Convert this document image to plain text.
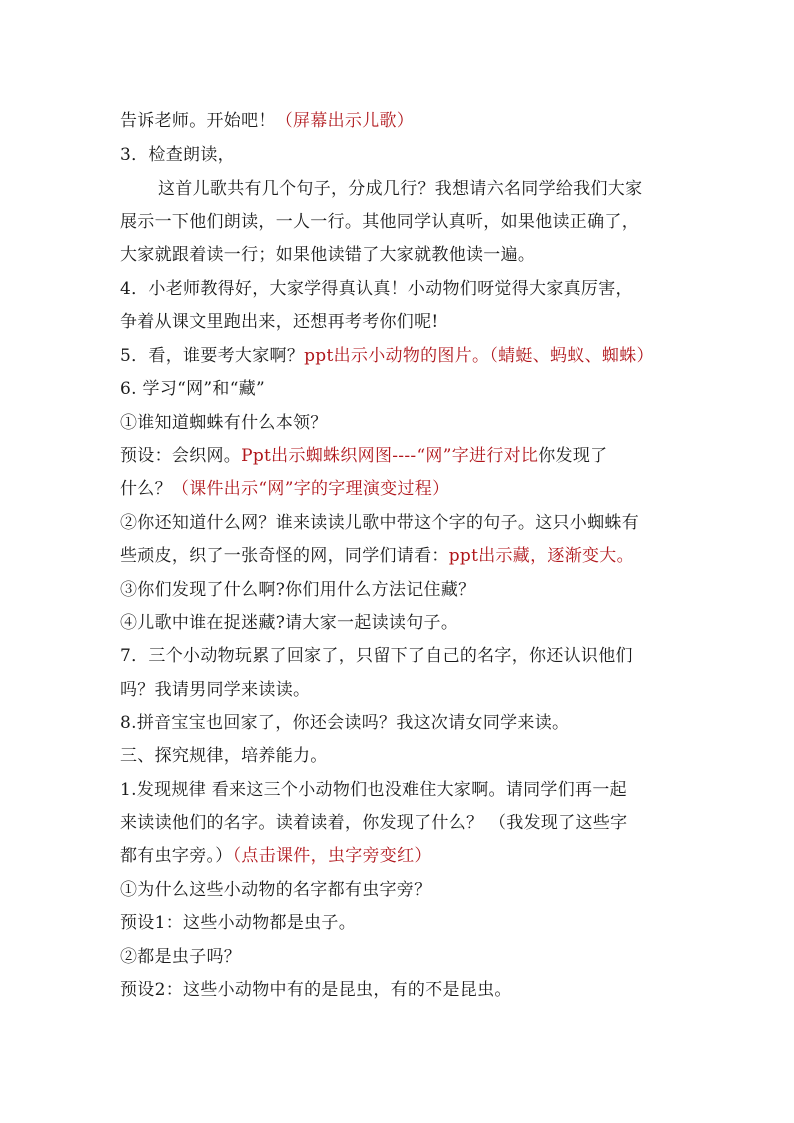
告诉老师。开始吧！（屏幕出示儿歌）
3．检查朗读，
这首儿歌共有几个句子，分成几行？我想请六名同学给我们大家
展示一下他们朗读，一人一行。其他同学认真听，如果他读正确了，
大家就跟着读一行；如果他读错了大家就教他读一遍。
4．小老师教得好，大家学得真认真！小动物们呀觉得大家真厉害，
争着从课文里跑出来，还想再考考你们呢!
5．看，谁要考大家啊？ppt出示小动物的图片。（蜻蜓、蚂蚁、蜘蛛）
6. 学习“网”和“藏”
①谁知道蜘蛛有什么本领？
预设：会织网。Ppt出示蜘蛛织网图----“网”字进行对比你发现了
什么？（课件出示“网”字的字理演变过程）
②你还知道什么网？谁来读读儿歌中带这个字的句子。这只小蜘蛛有
些顽皮，织了一张奇怪的网，同学们请看：ppt出示藏，逐渐变大。
③你们发现了什么啊?你们用什么方法记住藏？
④儿歌中谁在捉迷藏?请大家一起读读句子。
7．三个小动物玩累了回家了，只留下了自己的名字，你还认识他们
吗？我请男同学来读读。
8.拼音宝宝也回家了，你还会读吗？我这次请女同学来读。
三、探究规律，培养能力。
1.发现规律 看来这三个小动物们也没难住大家啊。请同学们再一起
来读读他们的名字。读着读着，你发现了什么？ （我发现了这些字
都有虫字旁。）（点击课件，虫字旁变红）
①为什么这些小动物的名字都有虫字旁？
预设1：这些小动物都是虫子。
②都是虫子吗？
预设2：这些小动物中有的是昆虫，有的不是昆虫。
